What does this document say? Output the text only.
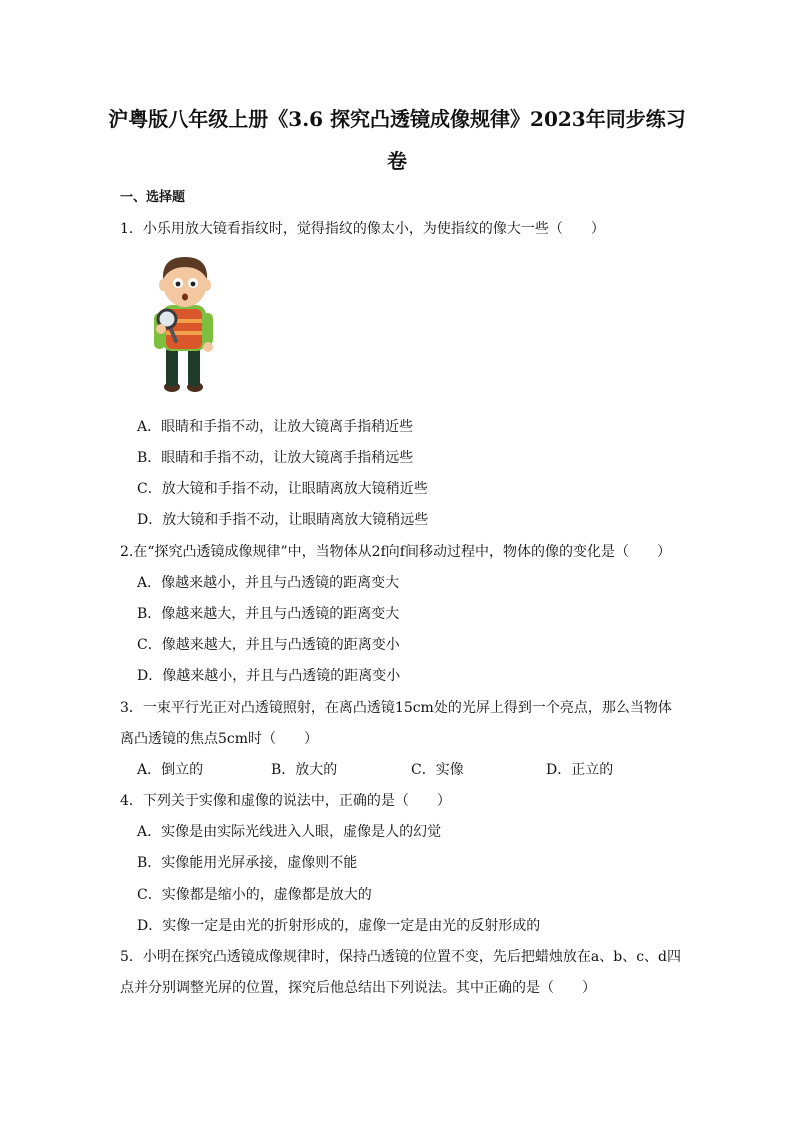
沪粤版八年级上册《3.6 探究凸透镜成像规律》2023年同步练习卷
一、选择题
1．小乐用放大镜看指纹时，觉得指纹的像太小，为使指纹的像大一些（　　）
A．眼睛和手指不动，让放大镜离手指稍近些
B．眼睛和手指不动，让放大镜离手指稍远些
C．放大镜和手指不动，让眼睛离放大镜稍近些
D．放大镜和手指不动，让眼睛离放大镜稍远些
2.在“探究凸透镜成像规律”中，当物体从2f向f间移动过程中，物体的像的变化是（　　）
A．像越来越小，并且与凸透镜的距离变大
B．像越来越大，并且与凸透镜的距离变大
C．像越来越大，并且与凸透镜的距离变小
D．像越来越小，并且与凸透镜的距离变小
3．一束平行光正对凸透镜照射，在离凸透镜15cm处的光屏上得到一个亮点，那么当物体
离凸透镜的焦点5cm时（　　）
A．倒立的	B．放大的	C．实像	D．正立的
4．下列关于实像和虚像的说法中，正确的是（　　）
A．实像是由实际光线进入人眼，虚像是人的幻觉
B．实像能用光屏承接，虚像则不能
C．实像都是缩小的，虚像都是放大的
D．实像一定是由光的折射形成的，虚像一定是由光的反射形成的
5．小明在探究凸透镜成像规律时，保持凸透镜的位置不变，先后把蜡烛放在a、b、c、d四
点并分别调整光屏的位置，探究后他总结出下列说法。其中正确的是（　　）
